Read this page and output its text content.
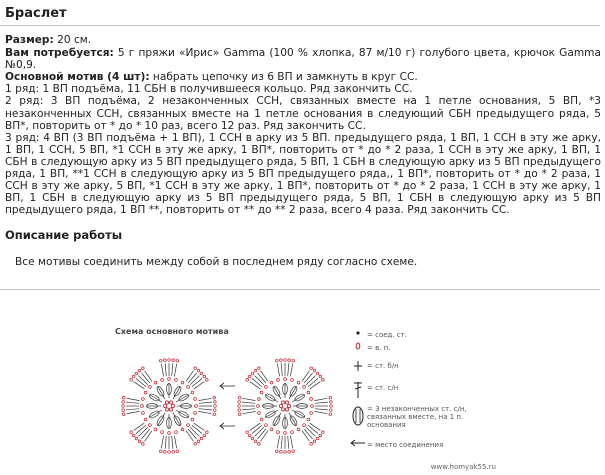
Браслет

Размер: 20 см.

Вам потребуется: 5 г пряжи «Ирис» Gamma (100 % хлопка, 87 м/10 г) голубого цвета, крючок Gamma №0,9.

Основной мотив (4 шт): набрать цепочку из 6 ВП и замкнуть в круг СС.

1 ряд: 1 ВП подъёма, 11 СБН в получившееся кольцо. Ряд закончить СС.

2 ряд: 3 ВП подъёма, 2 незаконченных ССН, связанных вместе на 1 петле основания, 5 ВП, *3 незаконченных ССН, связанных вместе на 1 петле основания в следующий СБН предыдущего ряда, 5 ВП*, повторить от * до * 10 раз, всего 12 раз. Ряд закончить СС.

3 ряд: 4 ВП (3 ВП подъёма + 1 ВП), 1 ССН в арку из 5 ВП. предыдущего ряда, 1 ВП, 1 ССН в эту же арку, 1 ВП, 1 ССН, 5 ВП, *1 ССН в эту же арку, 1 ВП*, повторить от * до * 2 раза, 1 ССН в эту же арку, 1 ВП, 1 СБН в следующую арку из 5 ВП предыдущего ряда, 5 ВП, 1 СБН в следующую арку из 5 ВП предыдущего ряда, 1 ВП, **1 ССН в следующую арку из 5 ВП предыдущего ряда,, 1 ВП*, повторить от * до * 2 раза, 1 ССН в эту же арку, 5 ВП, *1 ССН в эту же арку, 1 ВП*, повторить от * до * 2 раза, 1 ССН в эту же арку, 1 ВП, 1 СБН в следующую арку из 5 ВП предыдущего ряда, 5 ВП, 1 СБН в следующую арку из 5 ВП предыдущего ряда, 1 ВП **, повторить от ** до ** 2 раза, всего 4 раза. Ряд закончить СС.

Описание работы

Все мотивы соединить между собой в последнем ряду согласно схеме.

Схема основного мотива	= соед. ст.
= в. п.
= ст. б/н
= ст. с/н
= 3 незаконченных ст. с/н, связанных вместе, на 1 п. основания
= место соединения
www.homyak55.ru
